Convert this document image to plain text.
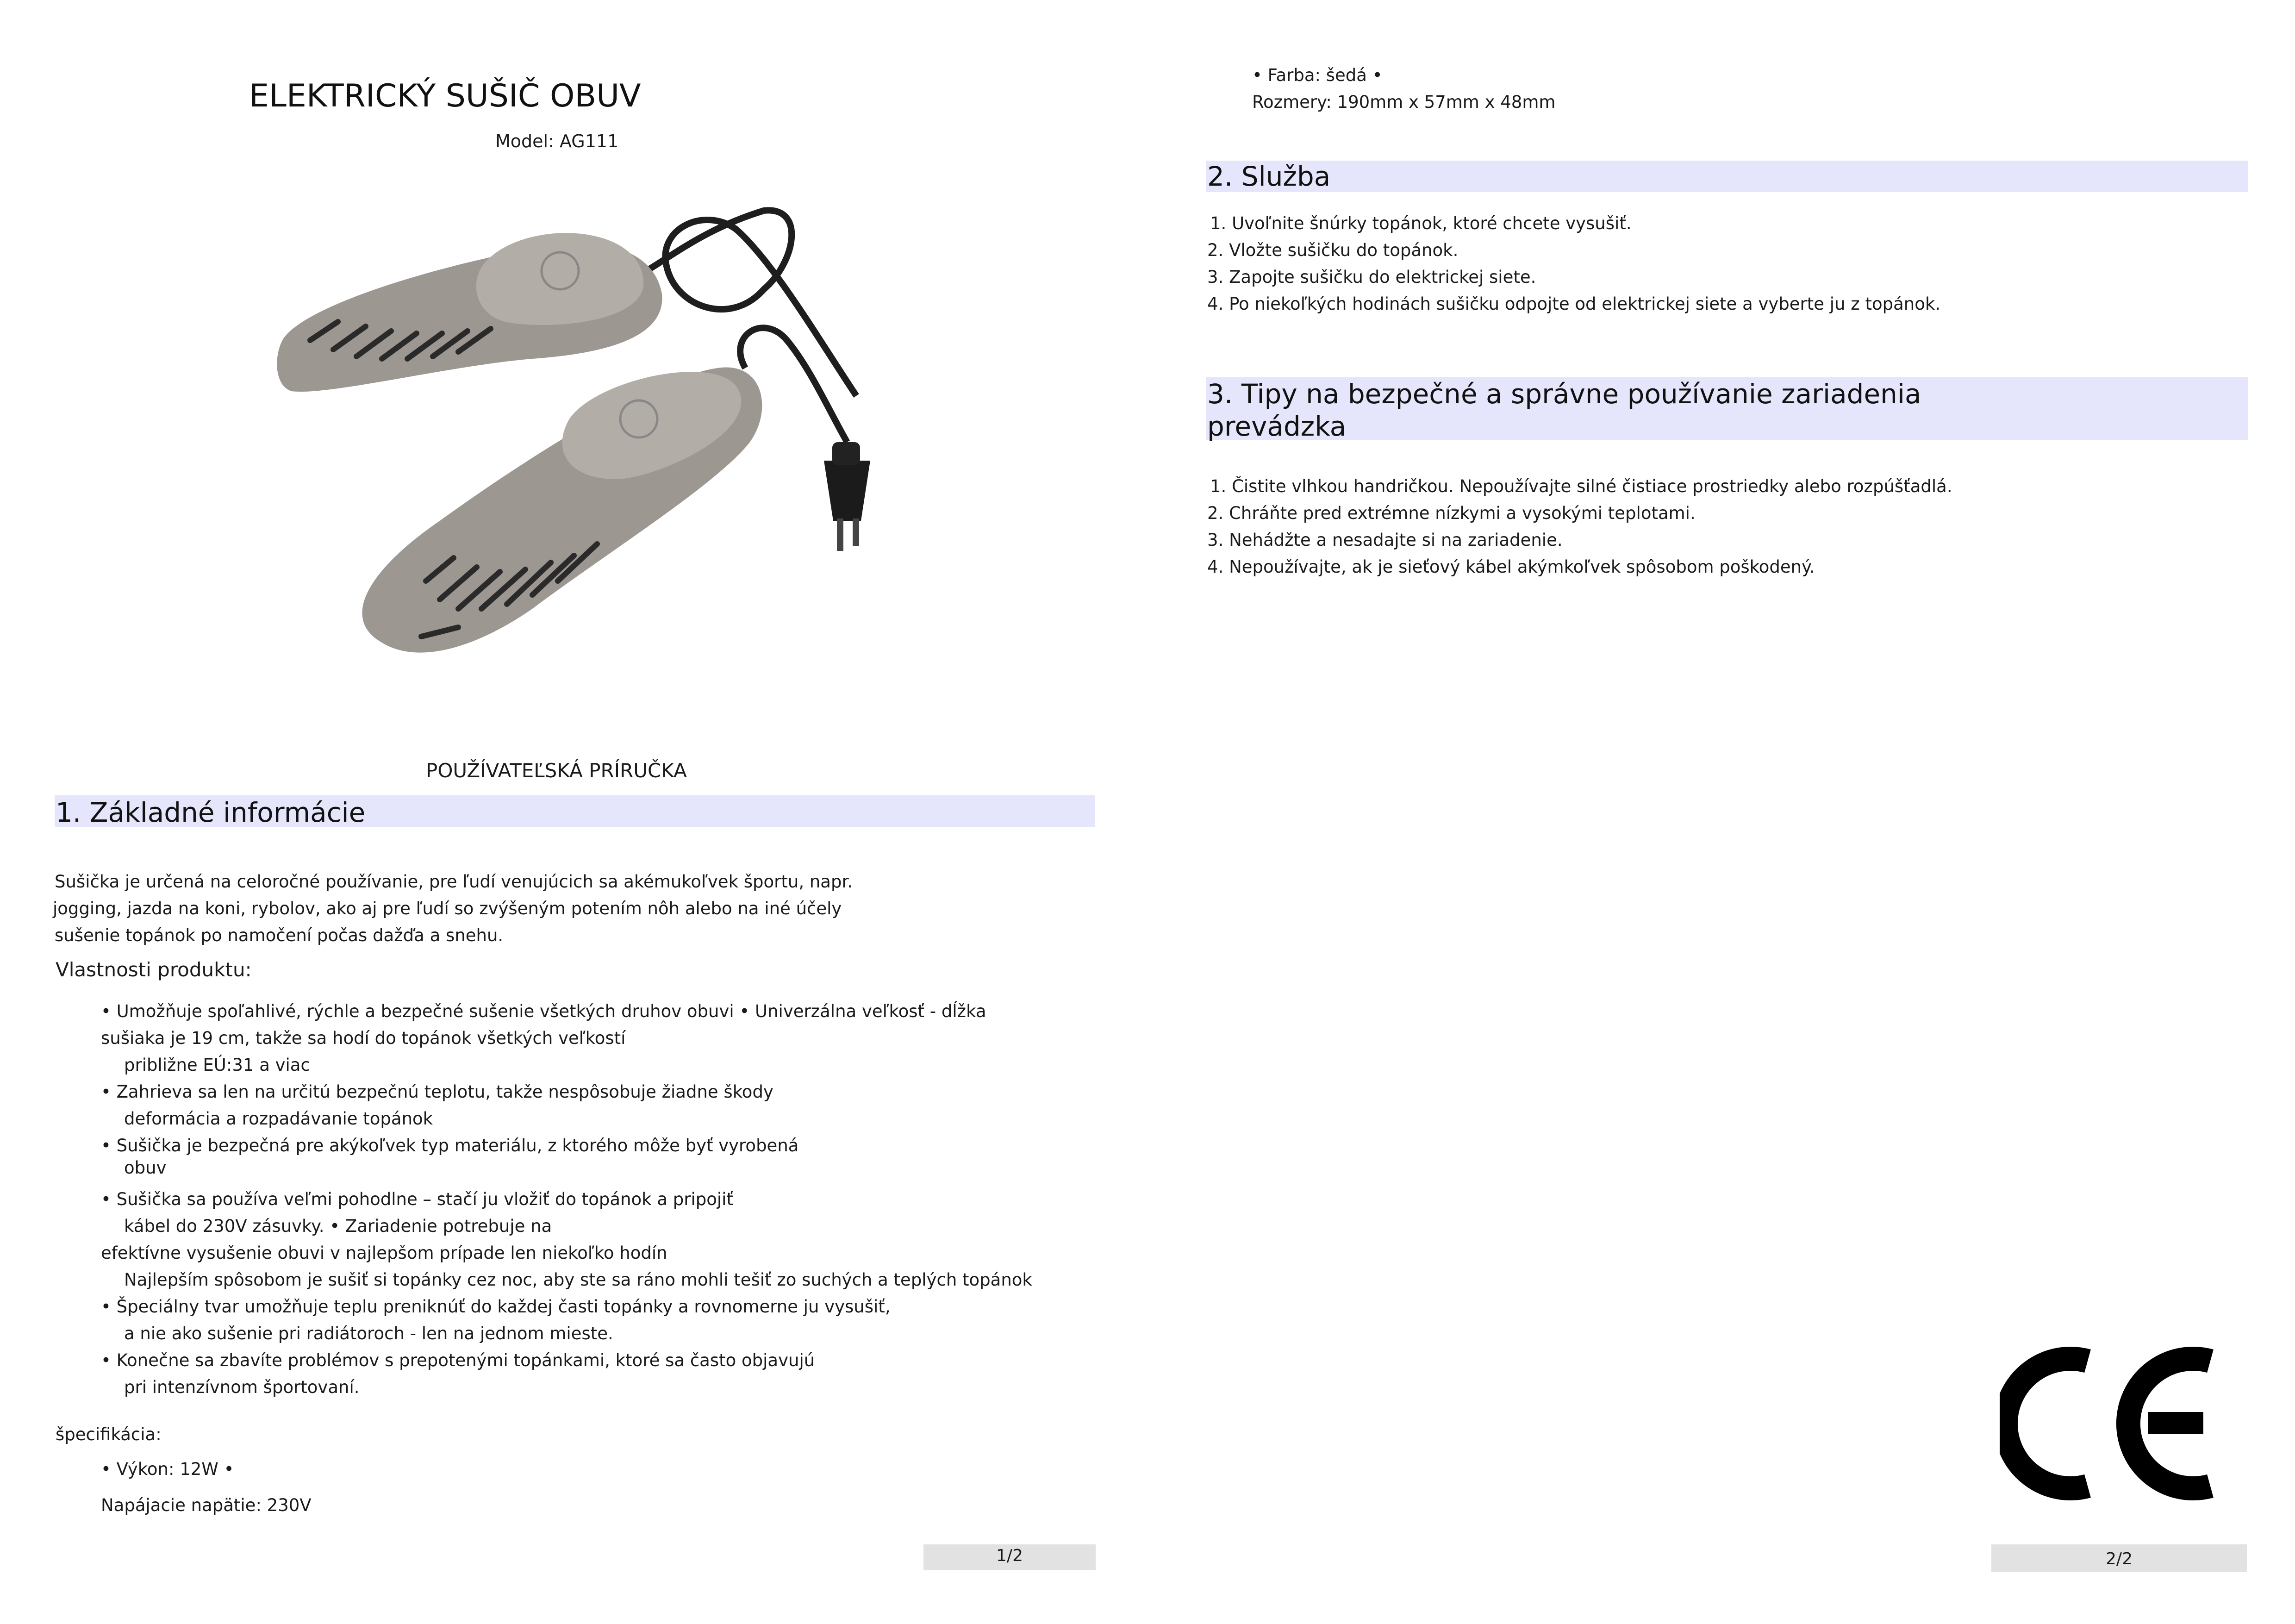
ELEKTRICKÝ SUŠIČ OBUV
Model: AG111
POUŽÍVATEĽSKÁ PRÍRUČKA
1. Základné informácie
Sušička je určená na celoročné používanie, pre ľudí venujúcich sa akémukoľvek športu, napr.
jogging, jazda na koni, rybolov, ako aj pre ľudí so zvýšeným potením nôh alebo na iné účely
sušenie topánok po namočení počas dažďa a snehu.
Vlastnosti produktu:
• Umožňuje spoľahlivé, rýchle a bezpečné sušenie všetkých druhov obuvi • Univerzálna veľkosť - dĺžka
sušiaka je 19 cm, takže sa hodí do topánok všetkých veľkostí
približne EÚ:31 a viac
• Zahrieva sa len na určitú bezpečnú teplotu, takže nespôsobuje žiadne škody
deformácia a rozpadávanie topánok
• Sušička je bezpečná pre akýkoľvek typ materiálu, z ktorého môže byť vyrobená
obuv
• Sušička sa používa veľmi pohodlne – stačí ju vložiť do topánok a pripojiť
kábel do 230V zásuvky. • Zariadenie potrebuje na
efektívne vysušenie obuvi v najlepšom prípade len niekoľko hodín
Najlepším spôsobom je sušiť si topánky cez noc, aby ste sa ráno mohli tešiť zo suchých a teplých topánok
• Špeciálny tvar umožňuje teplu preniknúť do každej časti topánky a rovnomerne ju vysušiť,
a nie ako sušenie pri radiátoroch - len na jednom mieste.
• Konečne sa zbavíte problémov s prepotenými topánkami, ktoré sa často objavujú
pri intenzívnom športovaní.
špecifikácia:
• Výkon: 12W •
Napájacie napätie: 230V
1/2
• Farba: šedá •
Rozmery: 190mm x 57mm x 48mm
2. Služba
1. Uvoľnite šnúrky topánok, ktoré chcete vysušiť.
2. Vložte sušičku do topánok.
3. Zapojte sušičku do elektrickej siete.
4. Po niekoľkých hodinách sušičku odpojte od elektrickej siete a vyberte ju z topánok.
3. Tipy na bezpečné a správne používanie zariadenia
prevádzka
1. Čistite vlhkou handričkou. Nepoužívajte silné čistiace prostriedky alebo rozpúšťadlá.
2. Chráňte pred extrémne nízkymi a vysokými teplotami.
3. Nehádžte a nesadajte si na zariadenie.
4. Nepoužívajte, ak je sieťový kábel akýmkoľvek spôsobom poškodený.
2/2
